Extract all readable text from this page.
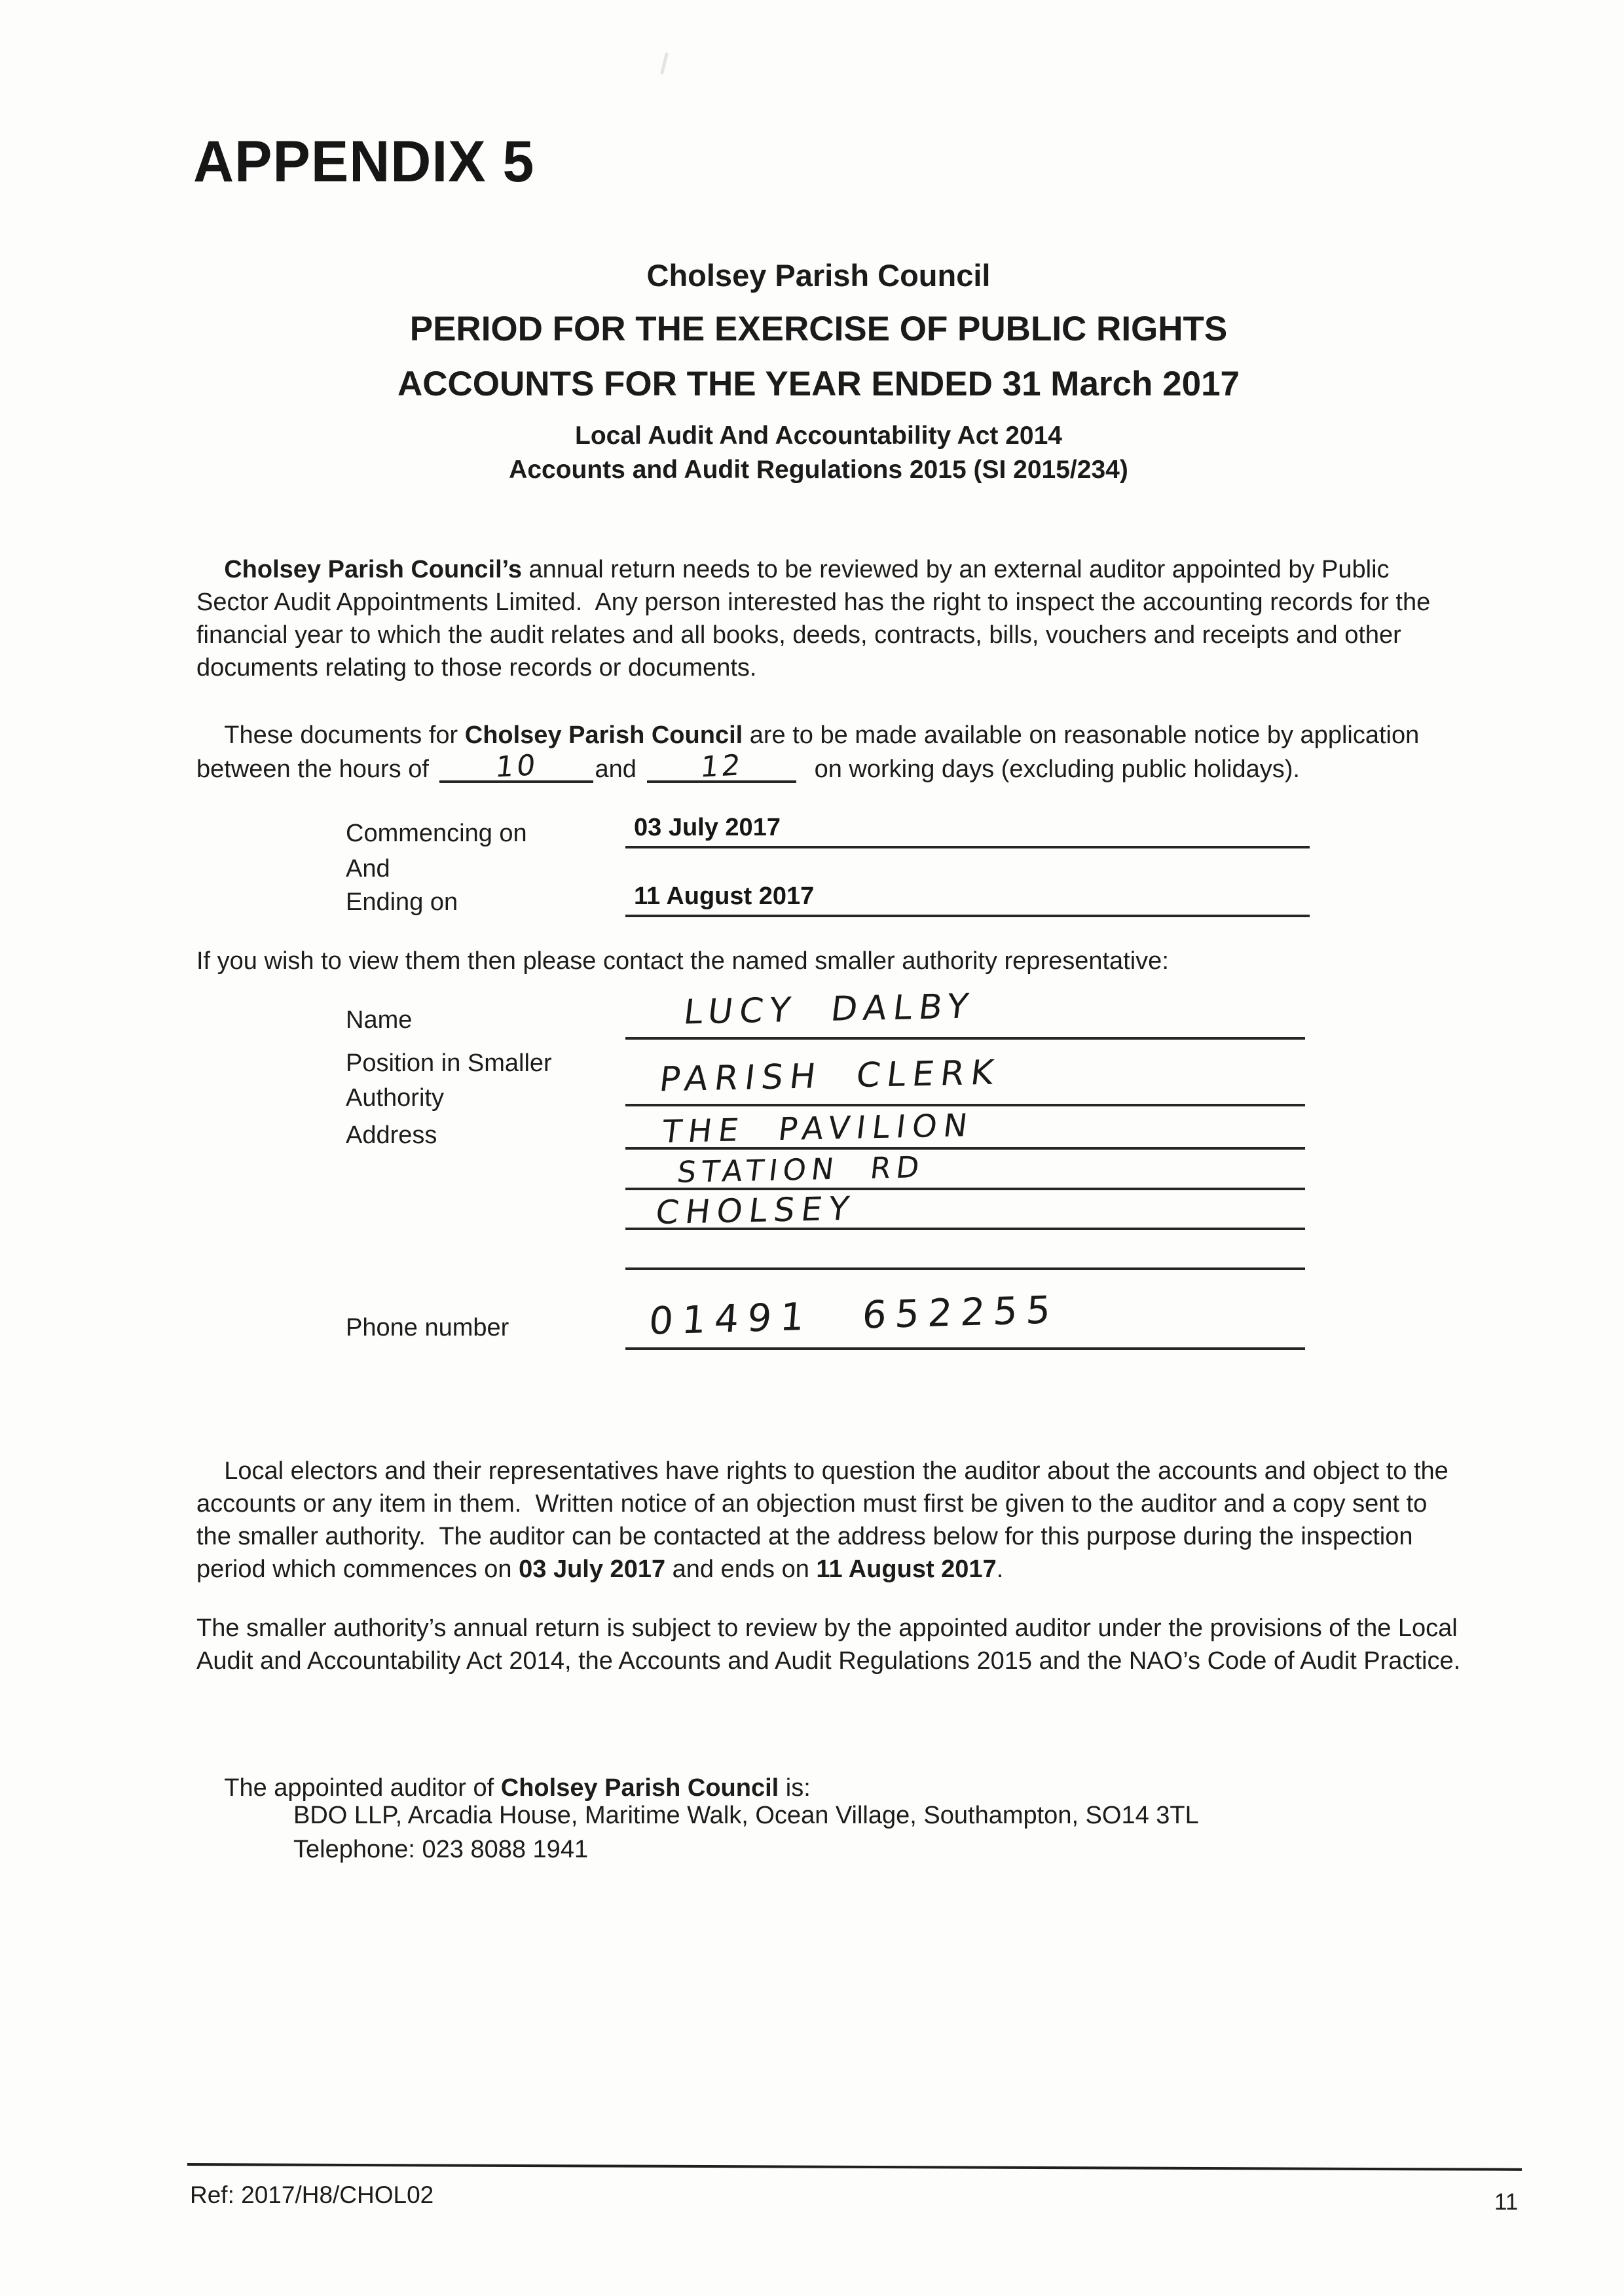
APPENDIX 5
Cholsey Parish Council
PERIOD FOR THE EXERCISE OF PUBLIC RIGHTS
ACCOUNTS FOR THE YEAR ENDED 31 March 2017
Local Audit And Accountability Act 2014
Accounts and Audit Regulations 2015 (SI 2015/234)

Cholsey Parish Council’s annual return needs to be reviewed by an external auditor appointed by Public Sector Audit Appointments Limited.  Any person interested has the right to inspect the accounting records for the financial year to which the audit relates and all books, deeds, contracts, bills, vouchers and receipts and other documents relating to those records or documents.

These documents for Cholsey Parish Council are to be made available on reasonable notice by application between the hours of 10 and 12  on working days (excluding public holidays).

Commencing on	03 July 2017
And
Ending on	11 August 2017
If you wish to view them then please contact the named smaller authority representative:
Name	LUCY DALBY
Position in Smaller Authority	PARISH CLERK
Address	THE PAVILION
STATION RD
CHOLSEY
Phone number	01491 652255

Local electors and their representatives have rights to question the auditor about the accounts and object to the accounts or any item in them.  Written notice of an objection must first be given to the auditor and a copy sent to the smaller authority.  The auditor can be contacted at the address below for this purpose during the inspection period which commences on 03 July 2017 and ends on 11 August 2017.

The smaller authority’s annual return is subject to review by the appointed auditor under the provisions of the Local Audit and Accountability Act 2014, the Accounts and Audit Regulations 2015 and the NAO’s Code of Audit Practice.

The appointed auditor of Cholsey Parish Council is:

BDO LLP, Arcadia House, Maritime Walk, Ocean Village, Southampton, SO14 3TL
Telephone: 023 8088 1941
Ref: 2017/H8/CHOL02	11
